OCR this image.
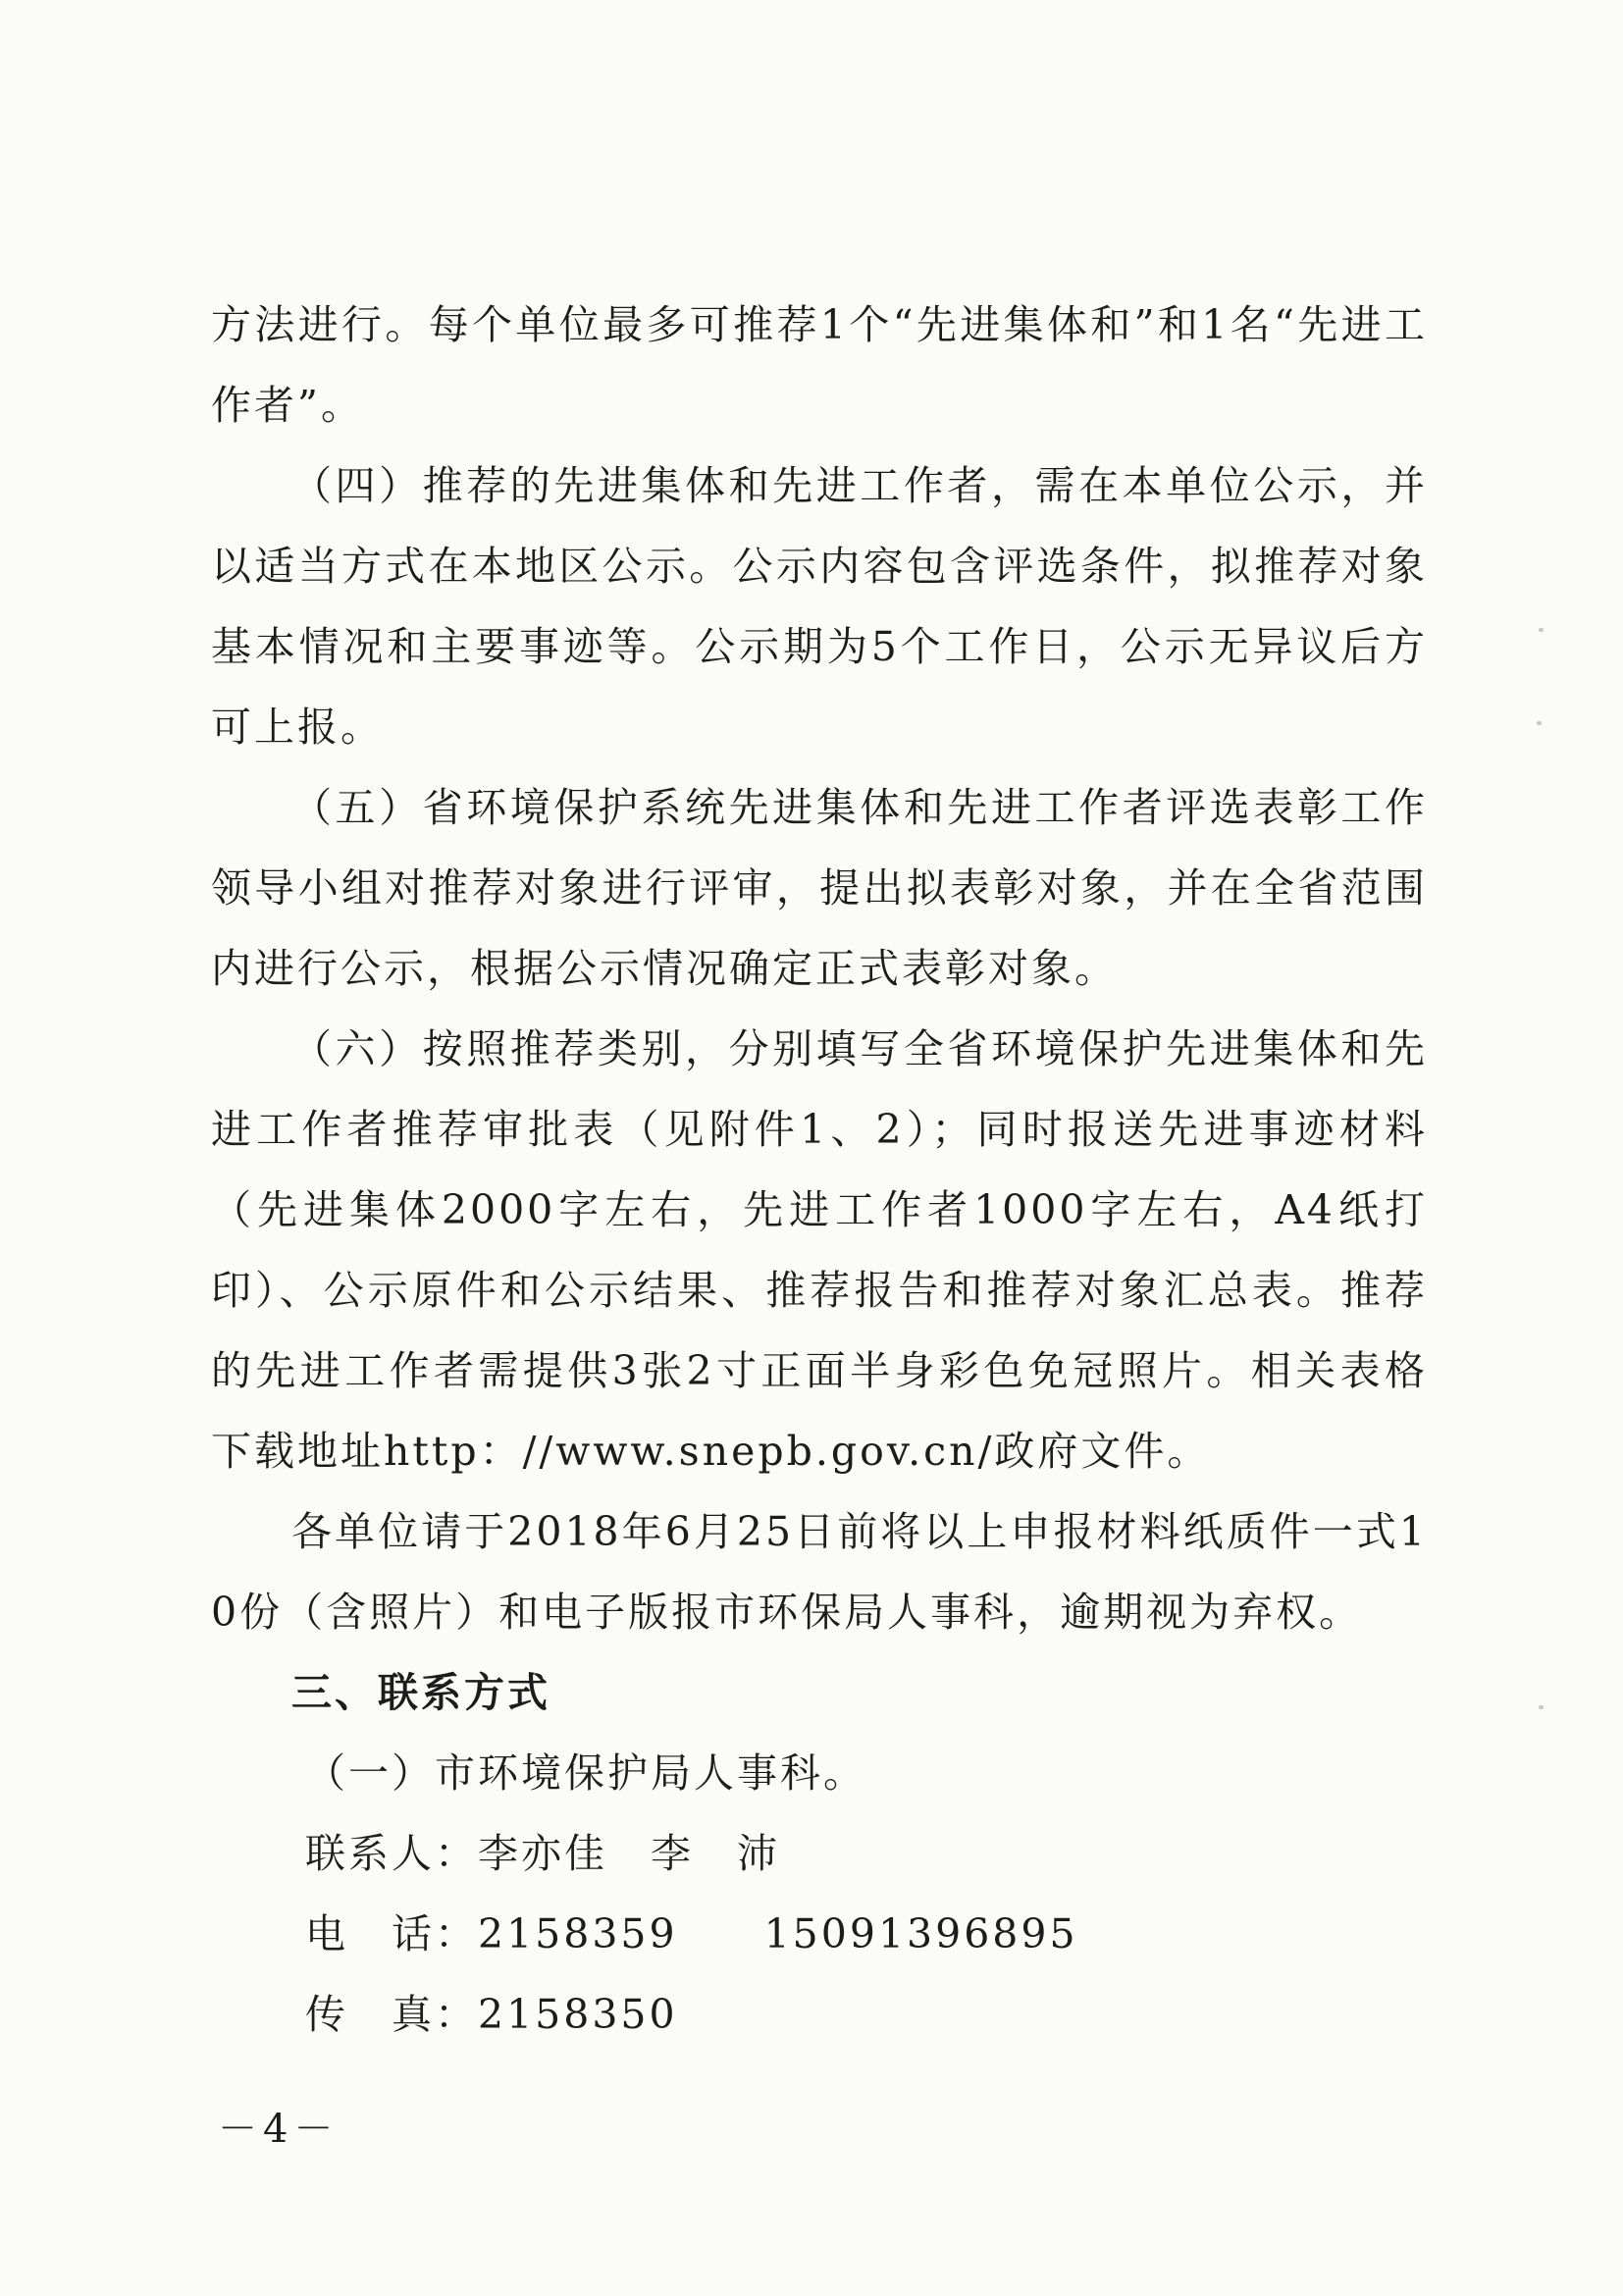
方法进行。每个单位最多可推荐1个“先进集体和”和1名“先进工作者”。

（四）推荐的先进集体和先进工作者，需在本单位公示，并以适当方式在本地区公示。公示内容包含评选条件，拟推荐对象基本情况和主要事迹等。公示期为5个工作日，公示无异议后方可上报。

（五）省环境保护系统先进集体和先进工作者评选表彰工作领导小组对推荐对象进行评审，提出拟表彰对象，并在全省范围内进行公示，根据公示情况确定正式表彰对象。

（六）按照推荐类别，分别填写全省环境保护先进集体和先进工作者推荐审批表（见附件1、2）；同时报送先进事迹材料（先进集体2000字左右，先进工作者1000字左右，A4纸打印）、公示原件和公示结果、推荐报告和推荐对象汇总表。推荐的先进工作者需提供3张2寸正面半身彩色免冠照片。相关表格下载地址http：//www.snepb.gov.cn/政府文件。

各单位请于2018年6月25日前将以上申报材料纸质件一式10份（含照片）和电子版报市环保局人事科，逾期视为弃权。

三、联系方式

（一）市环境保护局人事科。

联系人：李亦佳　李　沛

电　话：2158359　　15091396895

传　真：2158350

－4－
